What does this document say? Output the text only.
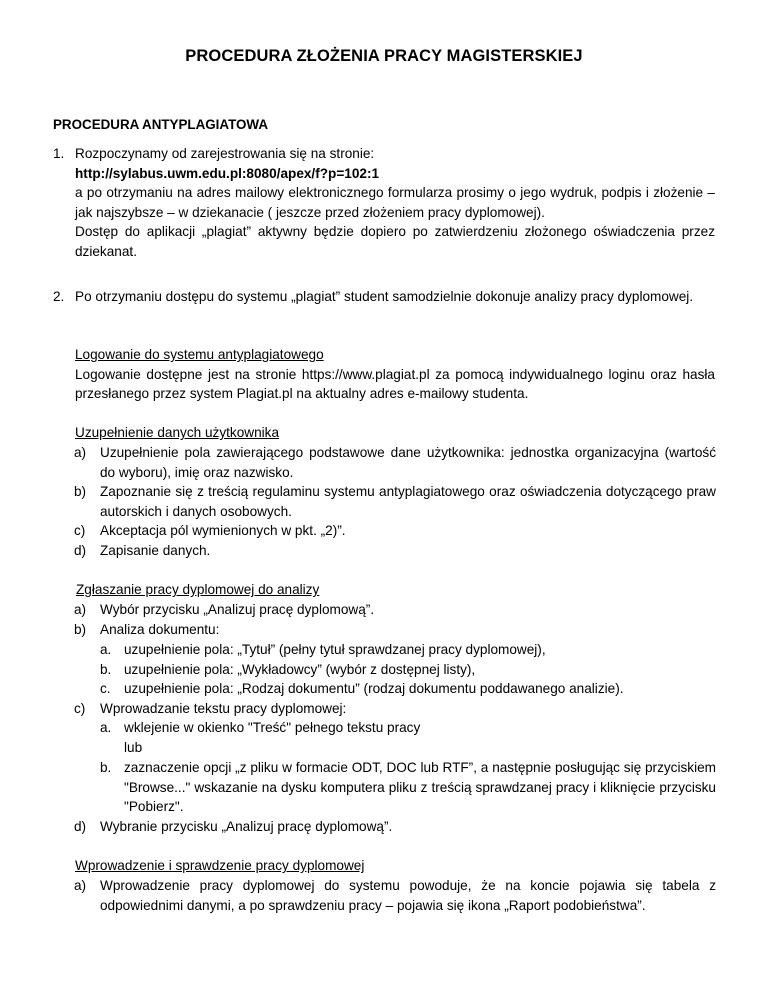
PROCEDURA ZŁOŻENIA PRACY MAGISTERSKIEJ
PROCEDURA ANTYPLAGIATOWA
1. Rozpoczynamy od zarejestrowania się na stronie:
http://sylabus.uwm.edu.pl:8080/apex/f?p=102:1
a po otrzymaniu na adres mailowy elektronicznego formularza prosimy o jego wydruk, podpis i złożenie – jak najszybsze – w dziekanacie ( jeszcze przed złożeniem pracy dyplomowej).
Dostęp do aplikacji „plagiat” aktywny będzie dopiero po zatwierdzeniu złożonego oświadczenia przez dziekanat.
2. Po otrzymaniu dostępu do systemu „plagiat” student samodzielnie dokonuje analizy pracy dyplomowej.
Logowanie do systemu antyplagiatowego
Logowanie dostępne jest na stronie https://www.plagiat.pl za pomocą indywidualnego loginu oraz hasła przesłanego przez system Plagiat.pl na aktualny adres e-mailowy studenta.
Uzupełnienie danych użytkownika
a) Uzupełnienie pola zawierającego podstawowe dane użytkownika: jednostka organizacyjna (wartość do wyboru), imię oraz nazwisko.
b) Zapoznanie się z treścią regulaminu systemu antyplagiatowego oraz oświadczenia dotyczącego praw autorskich i danych osobowych.
c) Akceptacja pól wymienionych w pkt. „2)”.
d) Zapisanie danych.
Zgłaszanie pracy dyplomowej do analizy
a) Wybór przycisku „Analizuj pracę dyplomową”.
b) Analiza dokumentu:
a. uzupełnienie pola: „Tytuł” (pełny tytuł sprawdzanej pracy dyplomowej),
b. uzupełnienie pola: „Wykładowcy” (wybór z dostępnej listy),
c. uzupełnienie pola: „Rodzaj dokumentu” (rodzaj dokumentu poddawanego analizie).
c) Wprowadzanie tekstu pracy dyplomowej:
a. wklejenie w okienko "Treść" pełnego tekstu pracy
lub
b. zaznaczenie opcji „z pliku w formacie ODT, DOC lub RTF”, a następnie posługując się przyciskiem "Browse..." wskazanie na dysku komputera pliku z treścią sprawdzanej pracy i kliknięcie przycisku "Pobierz".
d) Wybranie przycisku „Analizuj pracę dyplomową”.
Wprowadzenie i sprawdzenie pracy dyplomowej
a) Wprowadzenie pracy dyplomowej do systemu powoduje, że na koncie pojawia się tabela z odpowiednimi danymi, a po sprawdzeniu pracy – pojawia się ikona „Raport podobieństwa”.
